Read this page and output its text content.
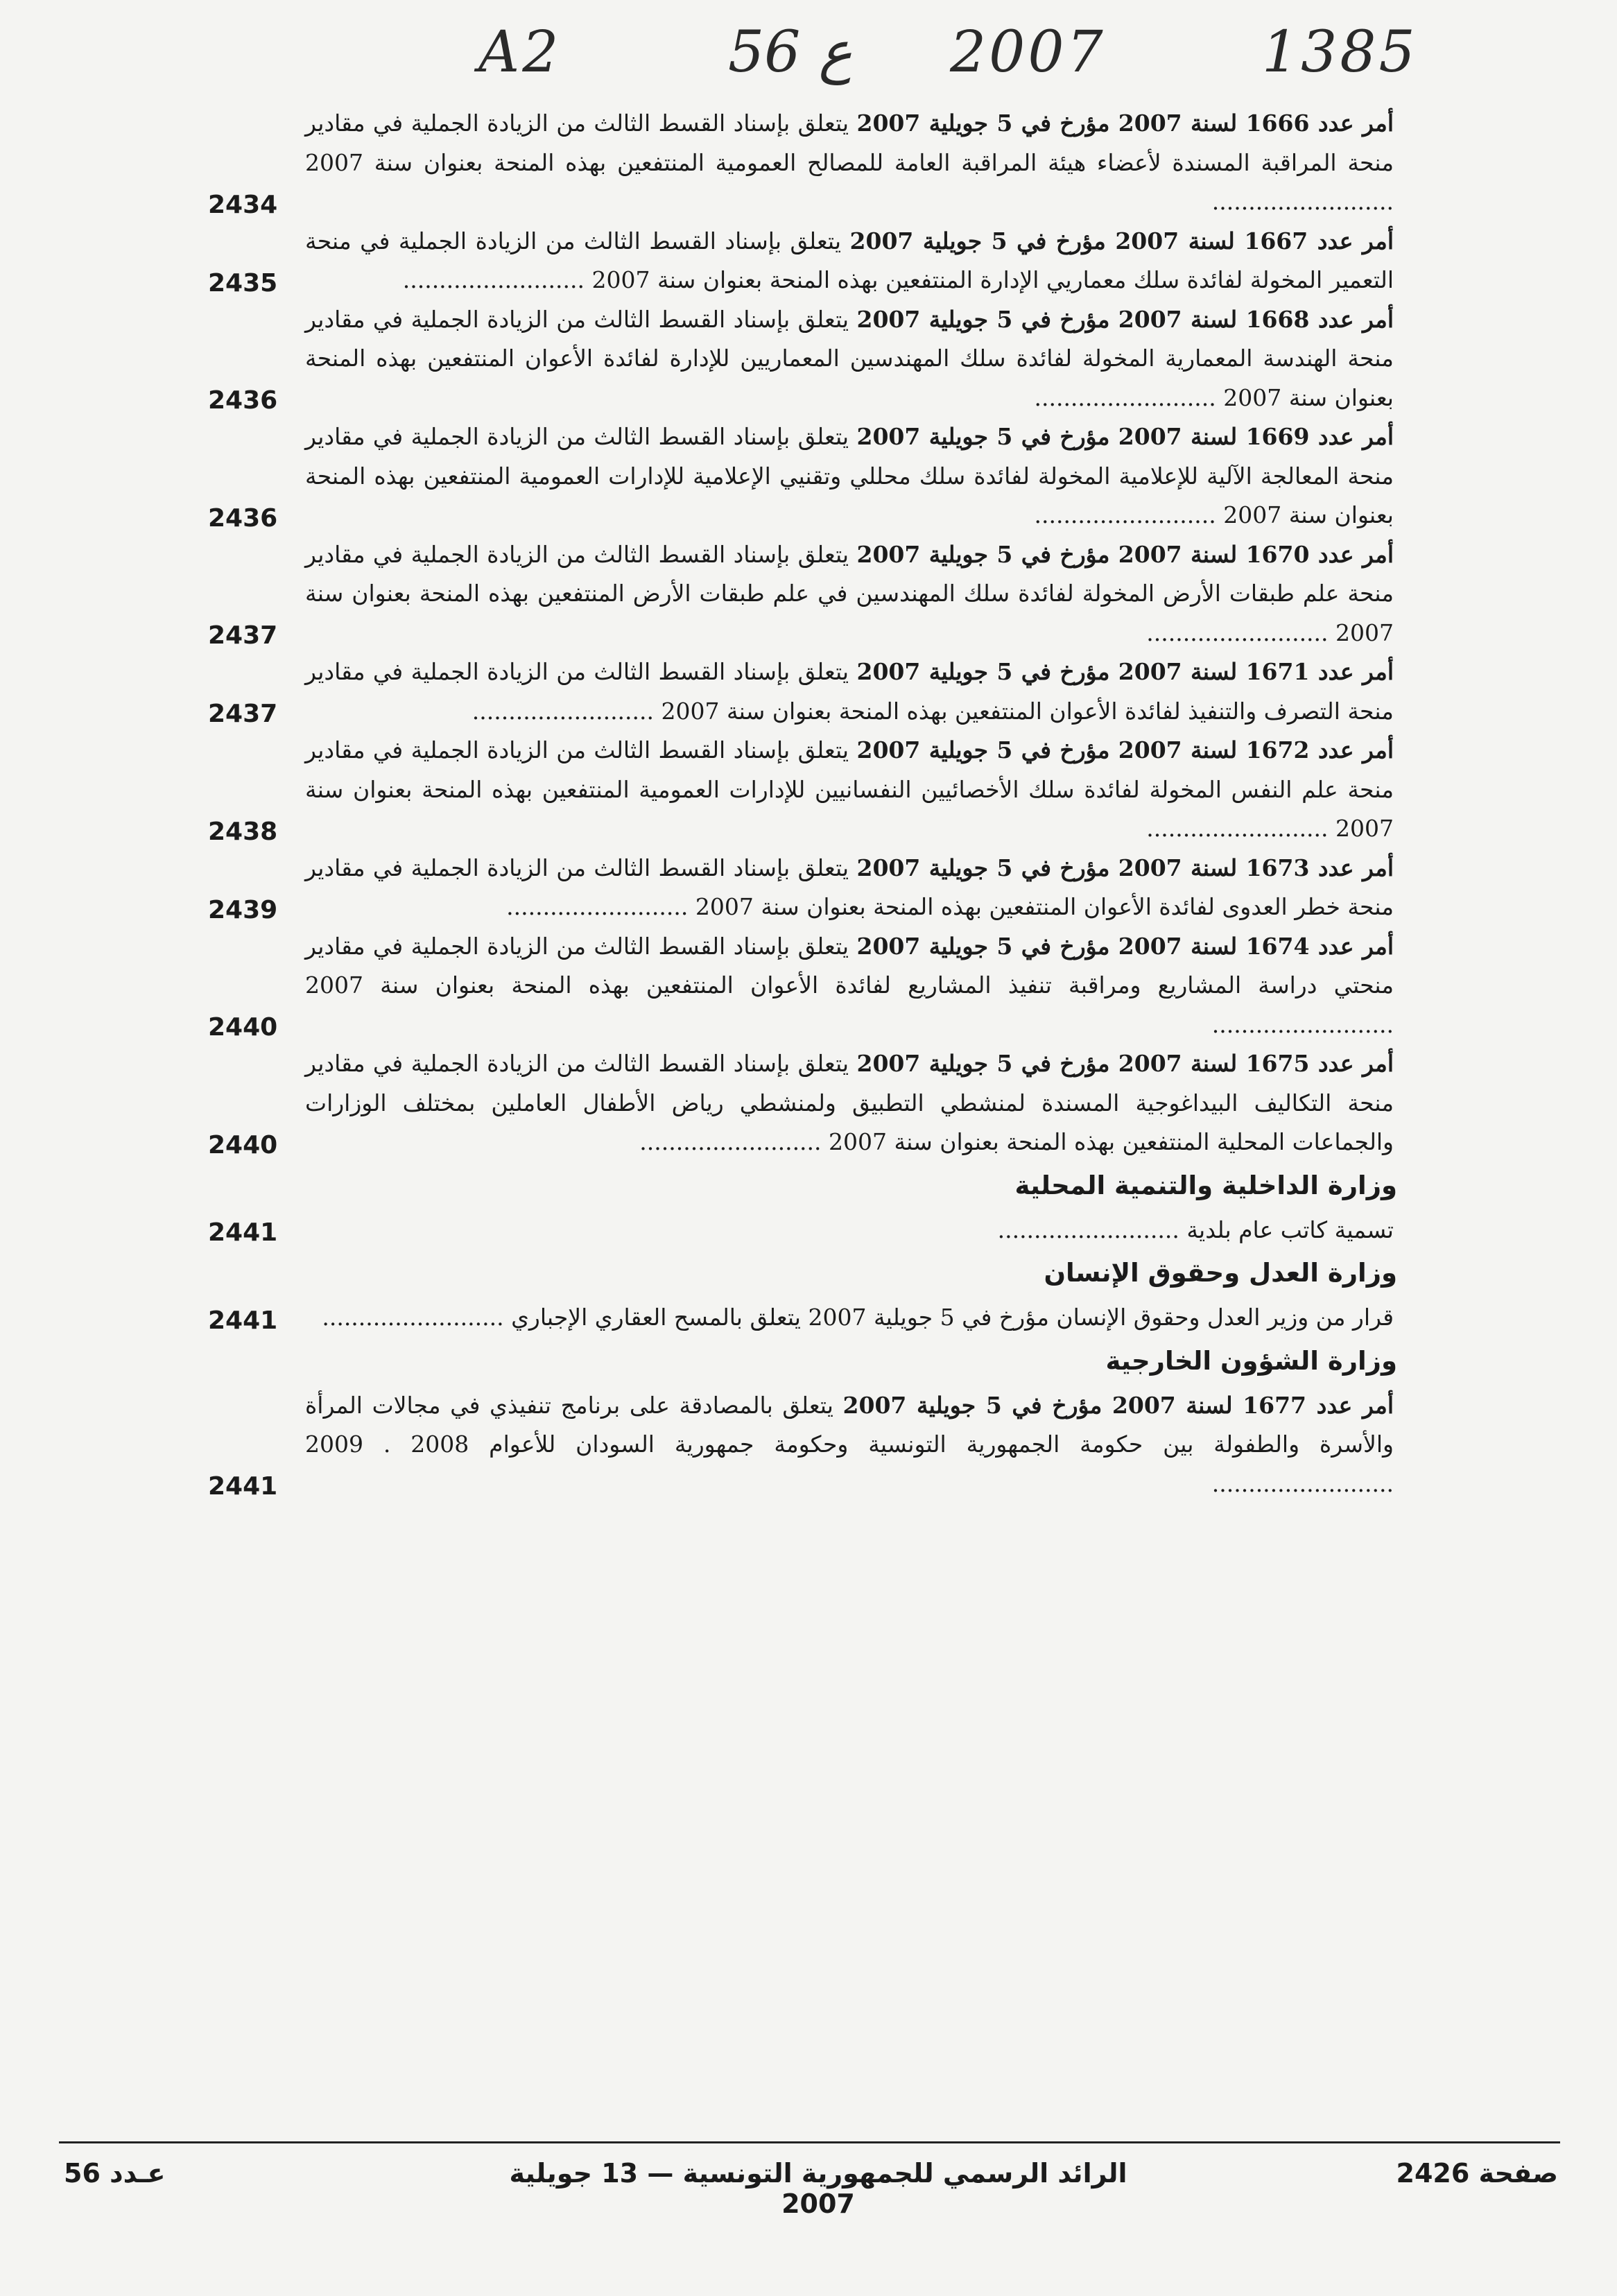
A2	56 ع 2007	1385
أمر عدد 1666 لسنة 2007 مؤرخ في 5 جويلية 2007 يتعلق بإسناد القسط الثالث من الزيادة الجملية في مقادير منحة المراقبة المسندة لأعضاء هيئة المراقبة العامة للمصالح العمومية المنتفعين بهذه المنحة بعنوان سنة 2007 .........................
2434
أمر عدد 1667 لسنة 2007 مؤرخ في 5 جويلية 2007 يتعلق بإسناد القسط الثالث من الزيادة الجملية في منحة التعمير المخولة لفائدة سلك معماريي الإدارة المنتفعين بهذه المنحة بعنوان سنة 2007 .........................
2435
أمر عدد 1668 لسنة 2007 مؤرخ في 5 جويلية 2007 يتعلق بإسناد القسط الثالث من الزيادة الجملية في مقادير منحة الهندسة المعمارية المخولة لفائدة سلك المهندسين المعماريين للإدارة لفائدة الأعوان المنتفعين بهذه المنحة بعنوان سنة 2007 .........................
2436
أمر عدد 1669 لسنة 2007 مؤرخ في 5 جويلية 2007 يتعلق بإسناد القسط الثالث من الزيادة الجملية في مقادير منحة المعالجة الآلية للإعلامية المخولة لفائدة سلك محللي وتقنيي الإعلامية للإدارات العمومية المنتفعين بهذه المنحة بعنوان سنة 2007 .........................
2436
أمر عدد 1670 لسنة 2007 مؤرخ في 5 جويلية 2007 يتعلق بإسناد القسط الثالث من الزيادة الجملية في مقادير منحة علم طبقات الأرض المخولة لفائدة سلك المهندسين في علم طبقات الأرض المنتفعين بهذه المنحة بعنوان سنة 2007 .........................
2437
أمر عدد 1671 لسنة 2007 مؤرخ في 5 جويلية 2007 يتعلق بإسناد القسط الثالث من الزيادة الجملية في مقادير منحة التصرف والتنفيذ لفائدة الأعوان المنتفعين بهذه المنحة بعنوان سنة 2007 .........................
2437
أمر عدد 1672 لسنة 2007 مؤرخ في 5 جويلية 2007 يتعلق بإسناد القسط الثالث من الزيادة الجملية في مقادير منحة علم النفس المخولة لفائدة سلك الأخصائيين النفسانيين للإدارات العمومية المنتفعين بهذه المنحة بعنوان سنة 2007 .........................
2438
أمر عدد 1673 لسنة 2007 مؤرخ في 5 جويلية 2007 يتعلق بإسناد القسط الثالث من الزيادة الجملية في مقادير منحة خطر العدوى لفائدة الأعوان المنتفعين بهذه المنحة بعنوان سنة 2007 .........................
2439
أمر عدد 1674 لسنة 2007 مؤرخ في 5 جويلية 2007 يتعلق بإسناد القسط الثالث من الزيادة الجملية في مقادير منحتي دراسة المشاريع ومراقبة تنفيذ المشاريع لفائدة الأعوان المنتفعين بهذه المنحة بعنوان سنة 2007 .........................
2440
أمر عدد 1675 لسنة 2007 مؤرخ في 5 جويلية 2007 يتعلق بإسناد القسط الثالث من الزيادة الجملية في مقادير منحة التكاليف البيداغوجية المسندة لمنشطي التطبيق ولمنشطي رياض الأطفال العاملين بمختلف الوزارات والجماعات المحلية المنتفعين بهذه المنحة بعنوان سنة 2007 .........................
2440
وزارة الداخلية والتنمية المحلية
تسمية كاتب عام بلدية .........................
2441
وزارة العدل وحقوق الإنسان
قرار من وزير العدل وحقوق الإنسان مؤرخ في 5 جويلية 2007 يتعلق بالمسح العقاري الإجباري .........................
2441
وزارة الشؤون الخارجية
أمر عدد 1677 لسنة 2007 مؤرخ في 5 جويلية 2007 يتعلق بالمصادقة على برنامج تنفيذي في مجالات المرأة والأسرة والطفولة بين حكومة الجمهورية التونسية وحكومة جمهورية السودان للأعوام 2008 . 2009 .........................
2441
عـدد 56	الرائد الرسمي للجمهورية التونسية — 13 جويلية 2007
صفحة 2426
